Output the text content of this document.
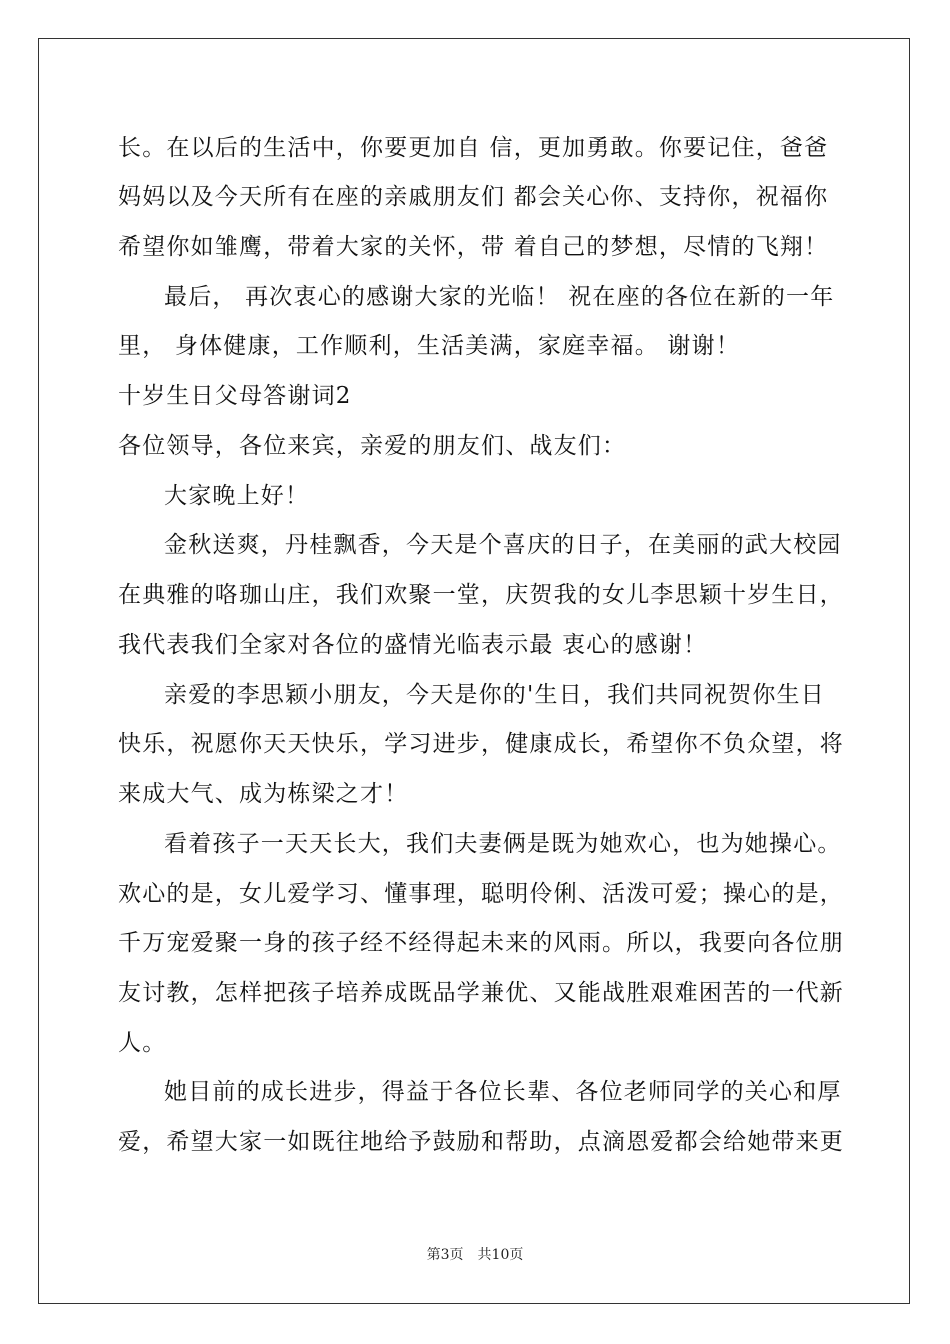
长。在以后的生活中，你要更加自 信，更加勇敢。你要记住，爸爸
妈妈以及今天所有在座的亲戚朋友们 都会关心你、支持你，祝福你
希望你如雏鹰，带着大家的关怀，带 着自己的梦想，尽情的飞翔！
最后， 再次衷心的感谢大家的光临！ 祝在座的各位在新的一年
里， 身体健康，工作顺利，生活美满，家庭幸福。 谢谢！
十岁生日父母答谢词2
各位领导，各位来宾，亲爱的朋友们、战友们：
大家晚上好！
金秋送爽，丹桂飘香，今天是个喜庆的日子，在美丽的武大校园
在典雅的咯珈山庄，我们欢聚一堂，庆贺我的女儿李思颖十岁生日，
我代表我们全家对各位的盛情光临表示最 衷心的感谢！
亲爱的李思颖小朋友，今天是你的'生日，我们共同祝贺你生日
快乐，祝愿你天天快乐，学习进步，健康成长，希望你不负众望，将
来成大气、成为栋梁之才！
看着孩子一天天长大，我们夫妻俩是既为她欢心，也为她操心。
欢心的是，女儿爱学习、懂事理，聪明伶俐、活泼可爱；操心的是，
千万宠爱聚一身的孩子经不经得起未来的风雨。所以，我要向各位朋
友讨教，怎样把孩子培养成既品学兼优、又能战胜艰难困苦的一代新
人。
她目前的成长进步，得益于各位长辈、各位老师同学的关心和厚
爱，希望大家一如既往地给予鼓励和帮助，点滴恩爱都会给她带来更
第3页　共10页
